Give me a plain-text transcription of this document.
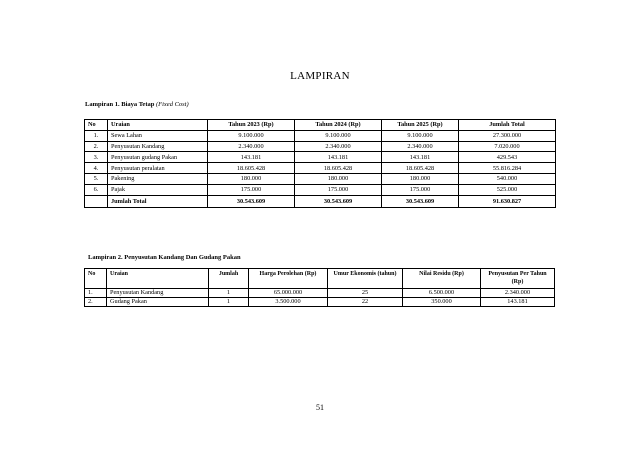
LAMPIRAN
Lampiran 1. Biaya Tetap (Fixed Cost)
No	Uraian	Tahun 2023 (Rp)	Tahun 2024 (Rp)	Tahun 2025 (Rp)	Jumlah Total
1.	Sewa Lahan	9.100.000	9.100.000	9.100.000	27.300.000
2.	Penyusutan Kandang	2.340.000	2.340.000	2.340.000	7.020.000
3.	Penyusutan gudang Pakan	143.181	143.181	143.181	429.543
4.	Penyusutan peralatan	18.605.428	18.605.428	18.605.428	55.816.284
5.	Pakening	180.000	180.000	180.000	540.000
6.	Pajak	175.000	175.000	175.000	525.000
	Jumlah Total	30.543.609	30.543.609	30.543.609	91.630.827
Lampiran 2. Penyusutan Kandang Dan Gudang Pakan
No	Uraian	Jumlah	Harga Perolehan (Rp)	Umur Ekonomis (tahun)	Nilai Residu (Rp)	Penyusutan Per Tahun (Rp)
1.	Penyusutan Kandang	1	65.000.000	25	6.500.000	2.340.000
2.	Gudang Pakan	1	3.500.000	22	350.000	143.181
51
